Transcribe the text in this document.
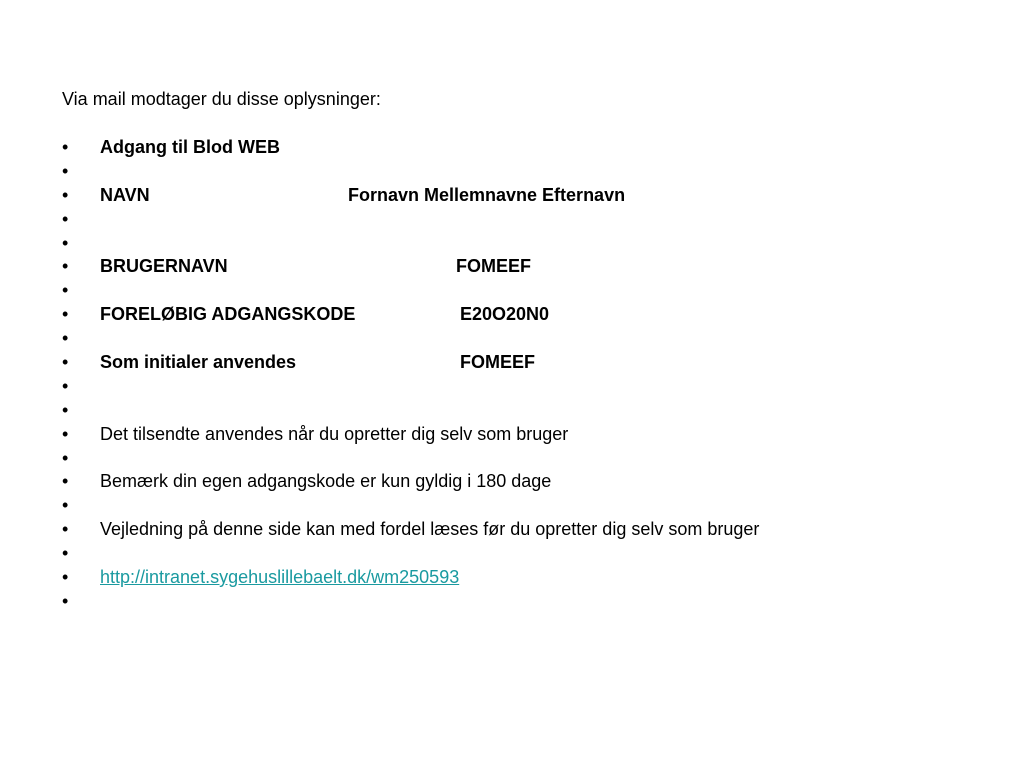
Via mail modtager du disse oplysninger:
•	Adgang til Blod WEB
•
•	NAVN	Fornavn Mellemnavne Efternavn
•
•
•	BRUGERNAVN	FOMEEF
•
•	FORELØBIG ADGANGSKODE	E20O20N0
•
•	Som initialer anvendes	FOMEEF
•
•
•	Det tilsendte anvendes når du opretter dig selv som bruger
•
•	Bemærk din egen adgangskode er kun gyldig i 180 dage
•
•	Vejledning på denne side kan med fordel læses før du opretter dig selv som bruger
•
•	http://intranet.sygehuslillebaelt.dk/wm250593
•
